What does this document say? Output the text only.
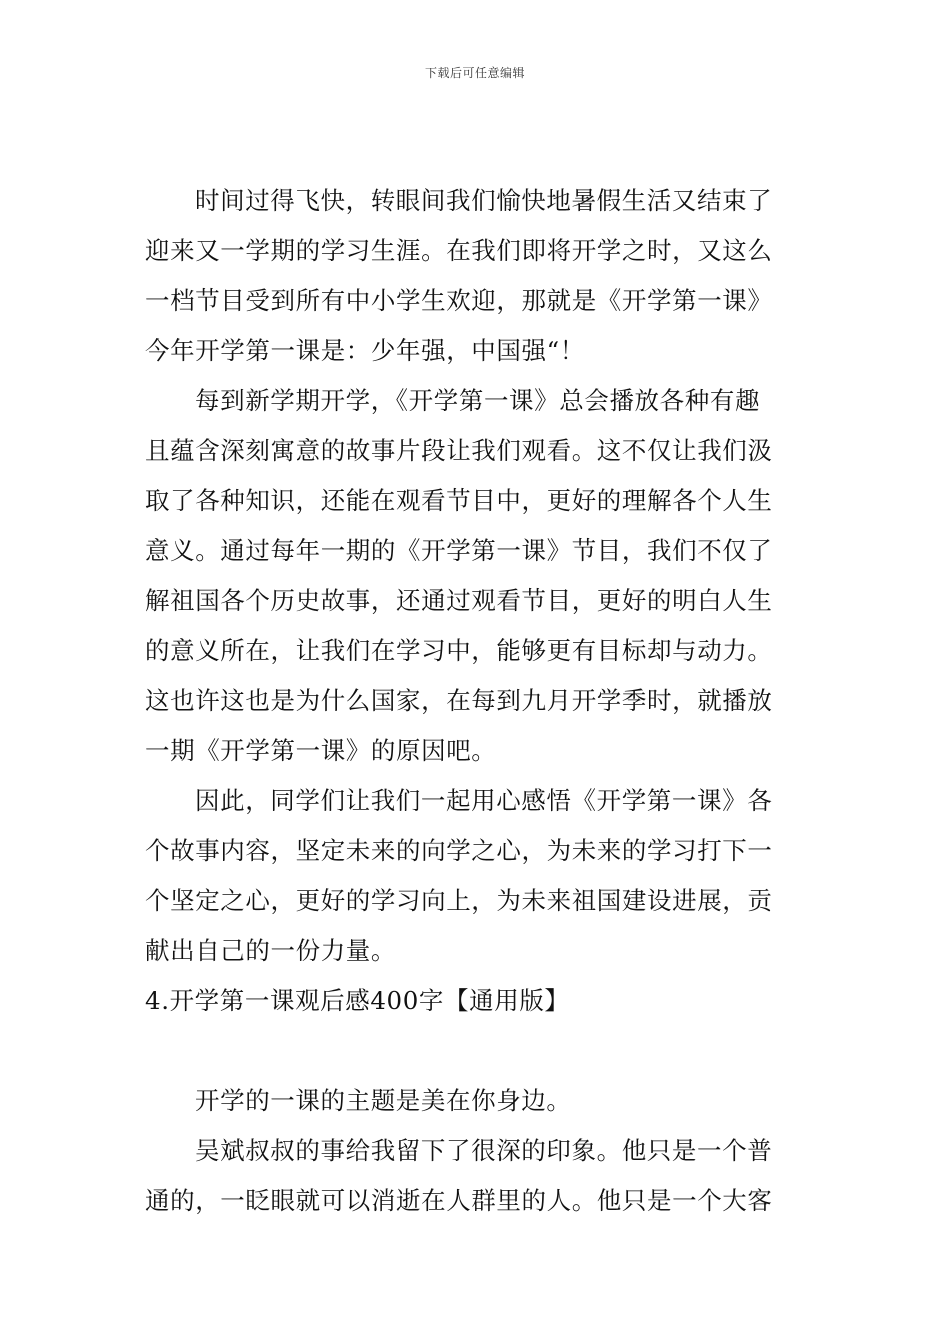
下载后可任意编辑
时间过得飞快，转眼间我们愉快地暑假生活又结束了
迎来又一学期的学习生涯。在我们即将开学之时，又这么
一档节目受到所有中小学生欢迎，那就是《开学第一课》
今年开学第一课是：少年强，中国强“！
每到新学期开学，《开学第一课》总会播放各种有趣
且蕴含深刻寓意的故事片段让我们观看。这不仅让我们汲
取了各种知识，还能在观看节目中，更好的理解各个人生
意义。通过每年一期的《开学第一课》节目，我们不仅了
解祖国各个历史故事，还通过观看节目，更好的明白人生
的意义所在，让我们在学习中，能够更有目标却与动力。
这也许这也是为什么国家，在每到九月开学季时，就播放
一期《开学第一课》的原因吧。
因此，同学们让我们一起用心感悟《开学第一课》各
个故事内容，坚定未来的向学之心，为未来的学习打下一
个坚定之心，更好的学习向上，为未来祖国建设进展，贡
献出自己的一份力量。
4.开学第一课观后感400字【通用版】
开学的一课的主题是美在你身边。
吴斌叔叔的事给我留下了很深的印象。他只是一个普
通的，一眨眼就可以消逝在人群里的人。他只是一个大客
